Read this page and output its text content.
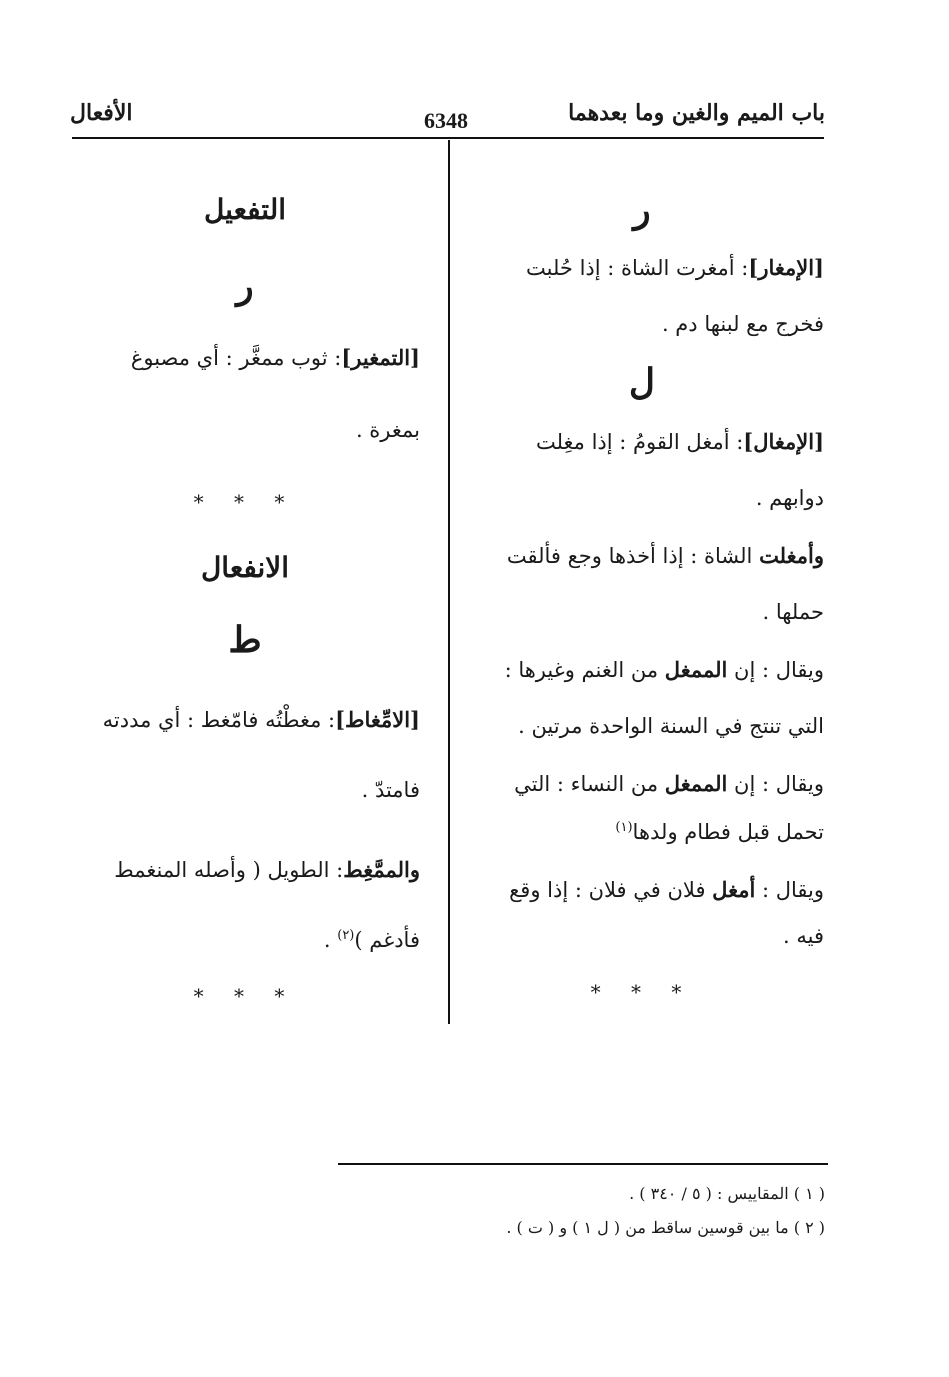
باب الميم والغين وما بعدهما
6348
الأفعال
ر
[الإمغار]: أمغرت الشاة : إذا حُلبت
فخرج مع لبنها دم .
ل
[الإمغال]: أمغل القومُ : إذا مغِلت
دوابهم .
وأمغلت الشاة : إذا أخذها وجع فألقت
حملها .
ويقال : إن الممغل من الغنم وغيرها :
التي تنتج في السنة الواحدة مرتين .
ويقال : إن الممغل من النساء : التي
تحمل قبل فطام ولدها$^{(١)}$
ويقال : أمغل فلان في فلان : إذا وقع
فيه .
* * *
التفعيل
ر
[التمغير]: ثوب ممغَّر : أي مصبوغ
بمغرة .
* * *
الانفعال
ط
[الامِّغاط]: مغطْتُه فامّغط : أي مددته
فامتدّ .
والممَّغِط: الطويل ( وأصله المنغمط
فأدغم )$^{(٢)}$ .
* * *
( ١ ) المقاييس : ( ٥ / ٣٤٠ ) .
( ٢ ) ما بين قوسين ساقط من ( ل ١ ) و ( ت ) .
